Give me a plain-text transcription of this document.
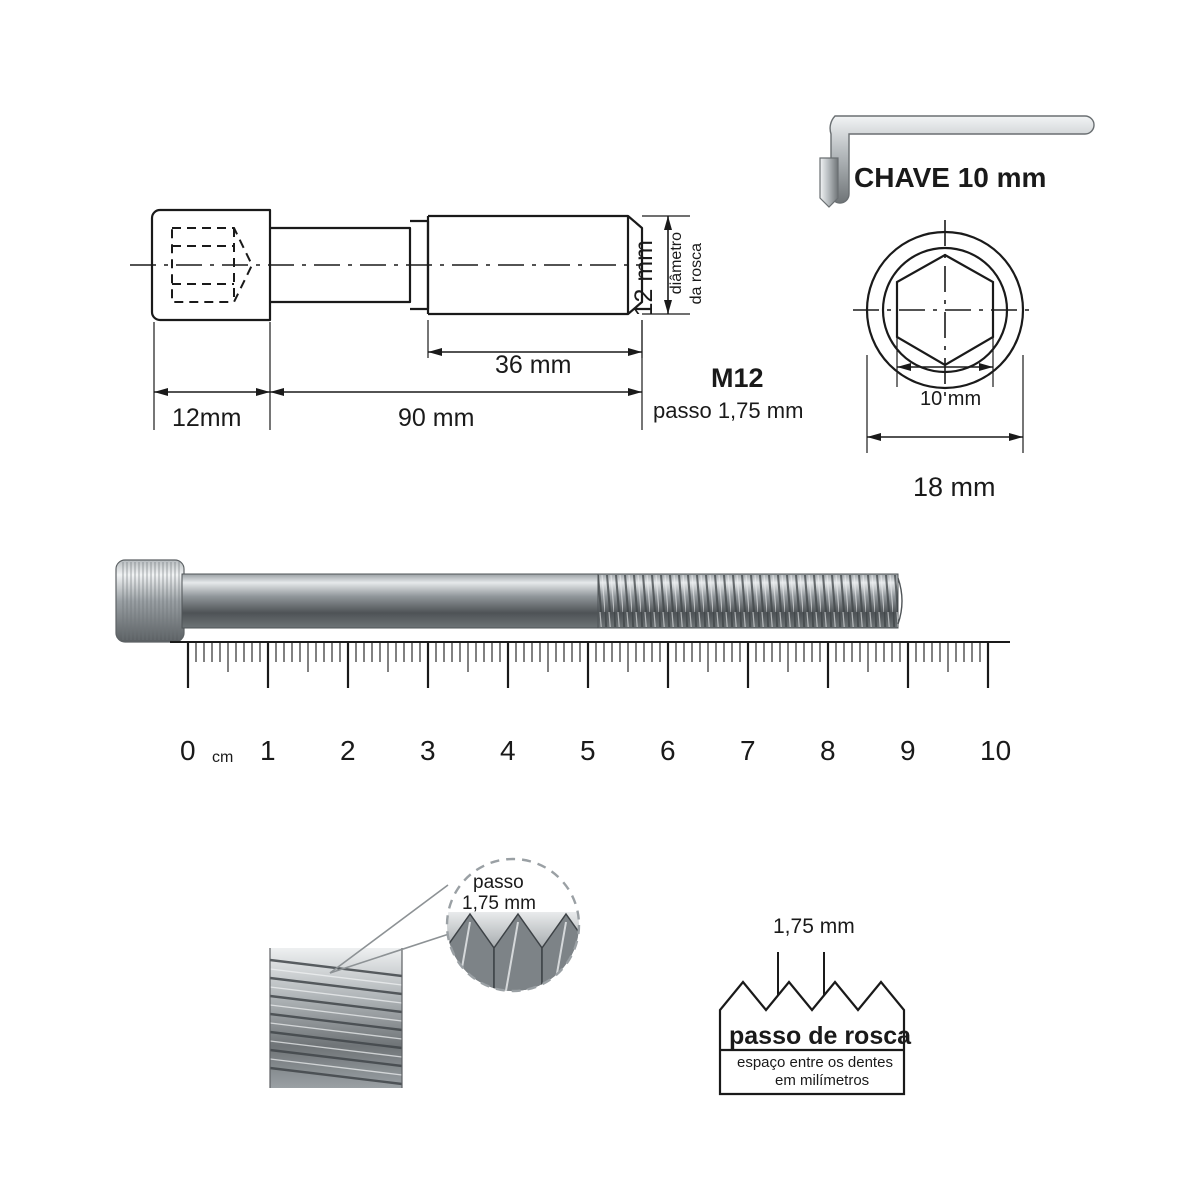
12mm	90 mm
36 mm
12 mm diâmetro da rosca
M12
passo 1,75 mm
CHAVE 10 mm
10 mm
18 mm
0 1 2 3 4 5 6 7 8 9 10
cm
passo
1,75 mm
1,75 mm
passo de rosca
espaço entre os dentes
em milímetros
